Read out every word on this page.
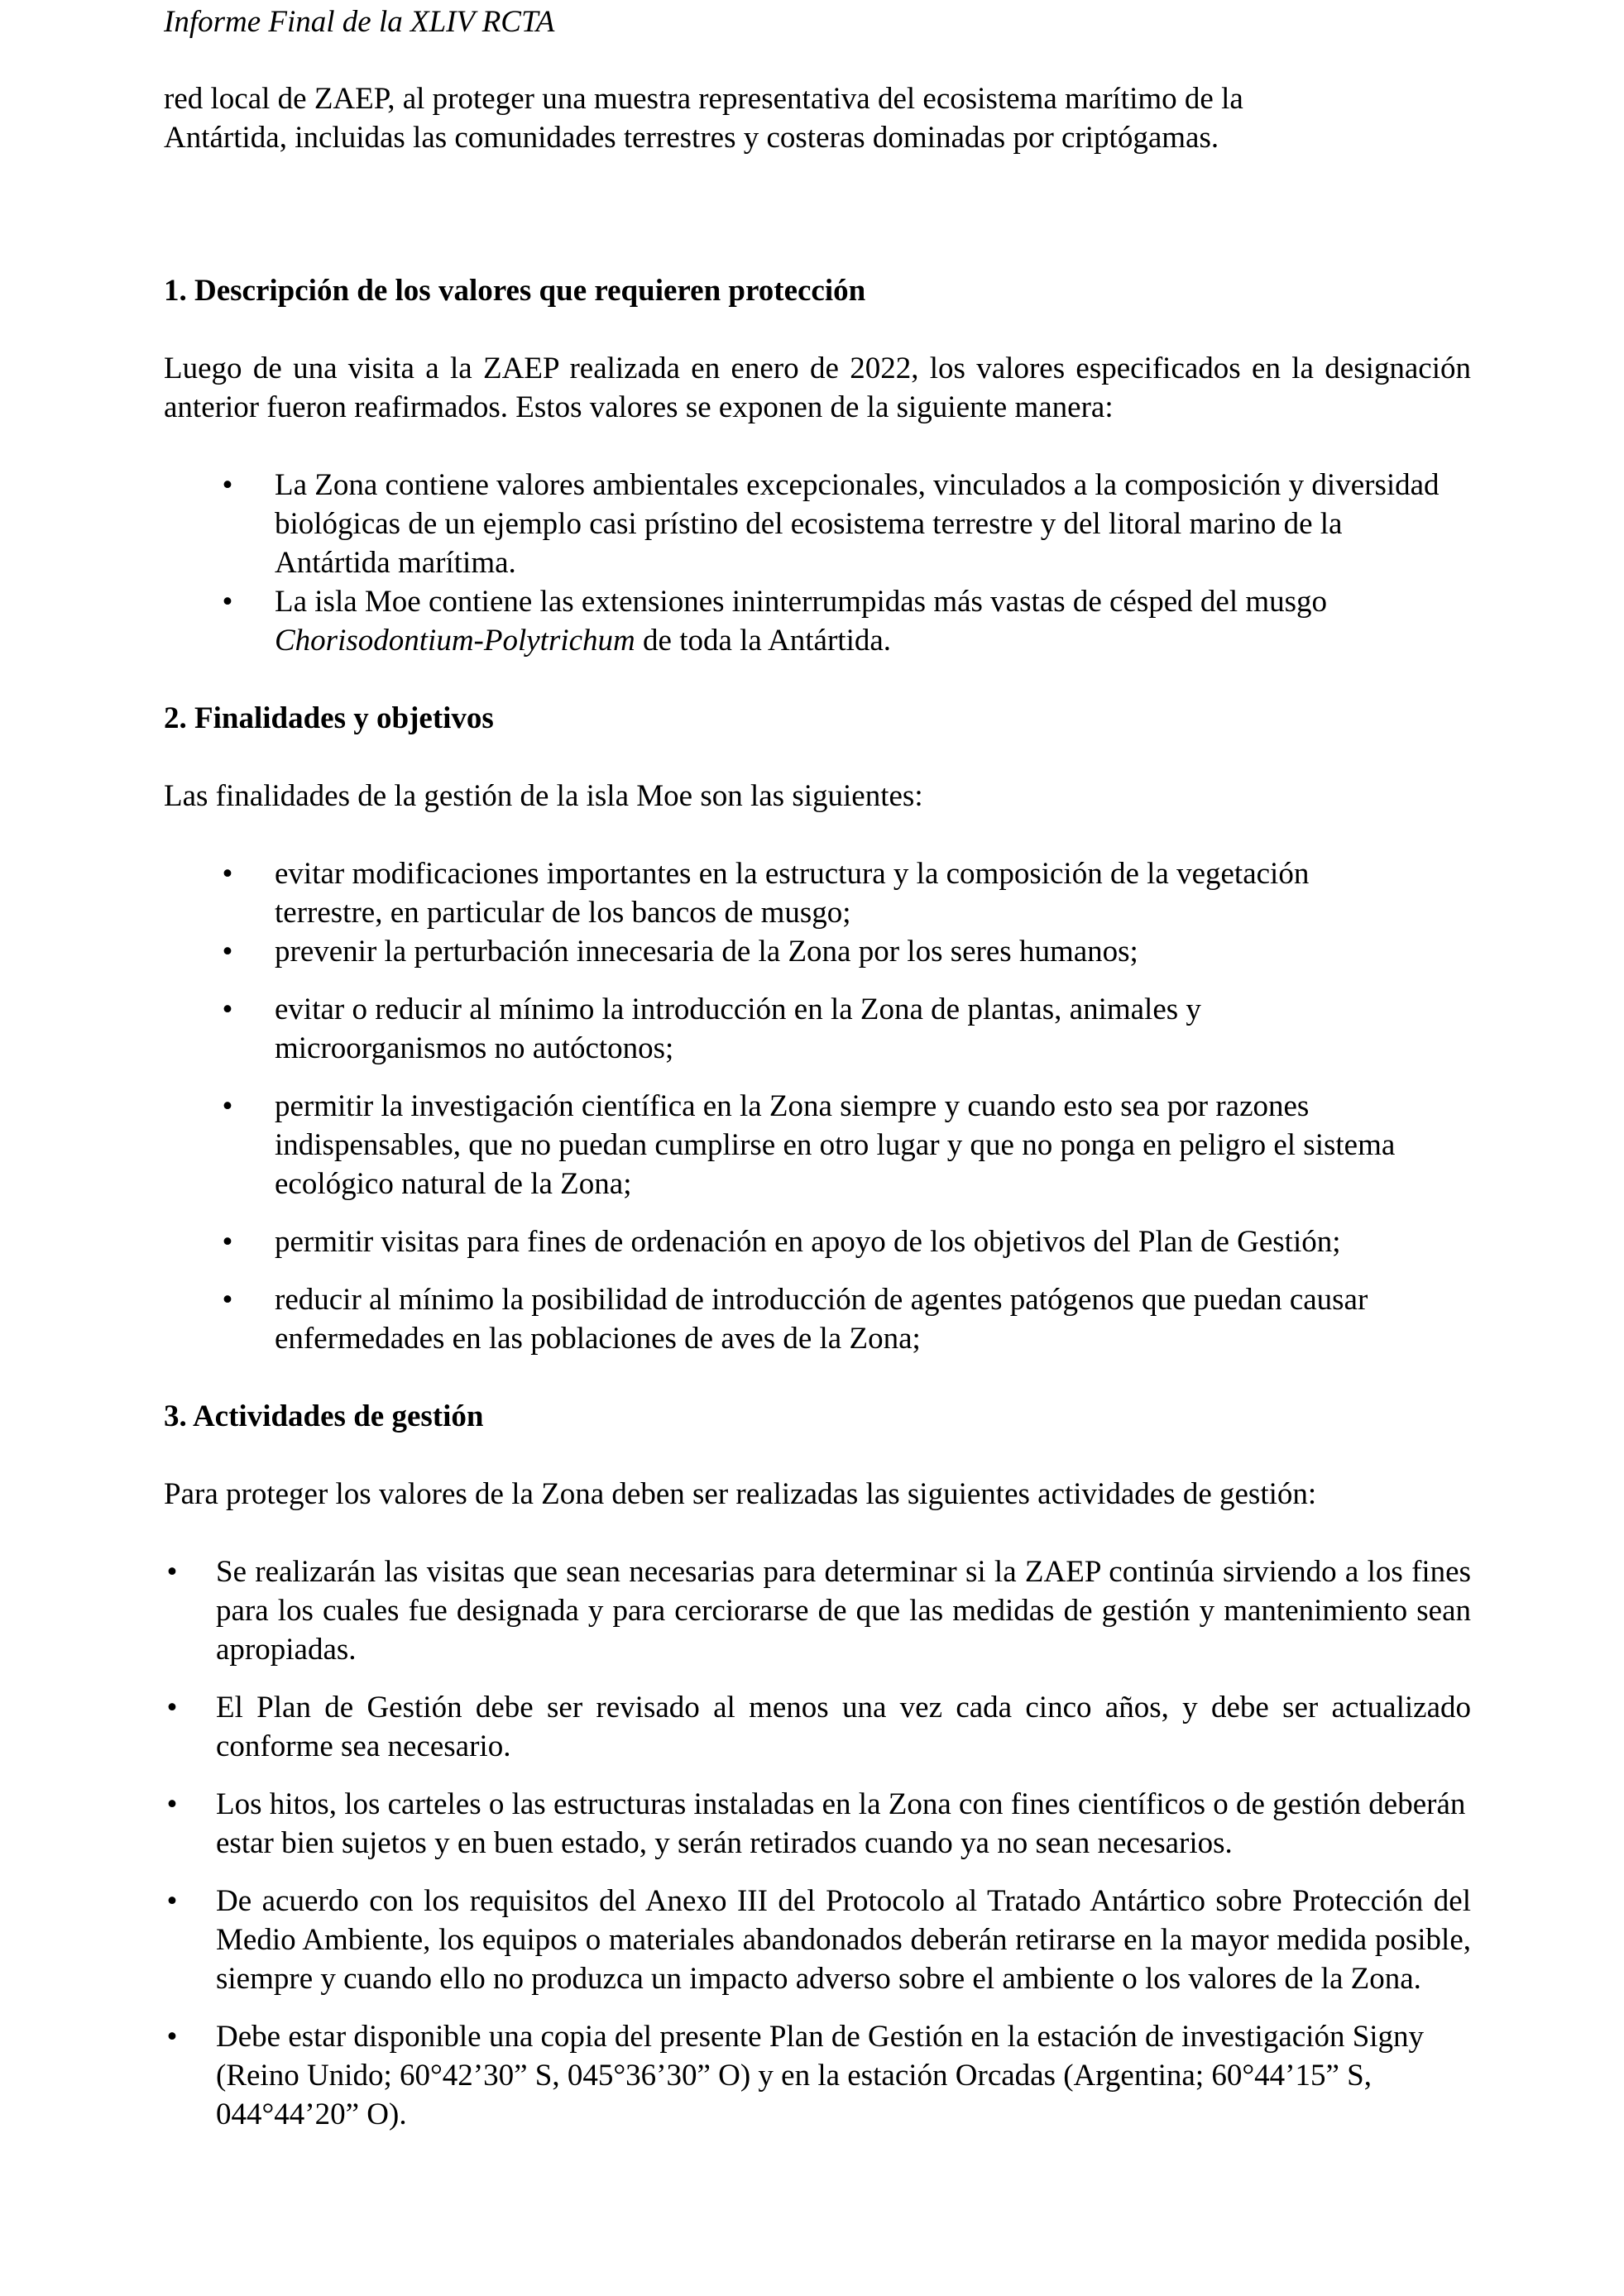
Informe Final de la XLIV RCTA

red local de ZAEP, al proteger una muestra representativa del ecosistema marítimo de la

Antártida, incluidas las comunidades terrestres y costeras dominadas por criptógamas.

1. Descripción de los valores que requieren protección

Luego de una visita a la ZAEP realizada en enero de 2022, los valores especificados en la designación anterior fueron reafirmados. Estos valores se exponen de la siguiente manera:

• La Zona contiene valores ambientales excepcionales, vinculados a la composición y diversidad biológicas de un ejemplo casi prístino del ecosistema terrestre y del litoral marino de la Antártida marítima.
• La isla Moe contiene las extensiones ininterrumpidas más vastas de césped del musgo Chorisodontium-Polytrichum de toda la Antártida.
2. Finalidades y objetivos

Las finalidades de la gestión de la isla Moe son las siguientes:

• evitar modificaciones importantes en la estructura y la composición de la vegetación terrestre, en particular de los bancos de musgo;
• prevenir la perturbación innecesaria de la Zona por los seres humanos;
• evitar o reducir al mínimo la introducción en la Zona de plantas, animales y microorganismos no autóctonos;
• permitir la investigación científica en la Zona siempre y cuando esto sea por razones indispensables, que no puedan cumplirse en otro lugar y que no ponga en peligro el sistema ecológico natural de la Zona;
• permitir visitas para fines de ordenación en apoyo de los objetivos del Plan de Gestión;
• reducir al mínimo la posibilidad de introducción de agentes patógenos que puedan causar enfermedades en las poblaciones de aves de la Zona;
3. Actividades de gestión

Para proteger los valores de la Zona deben ser realizadas las siguientes actividades de gestión:

• Se realizarán las visitas que sean necesarias para determinar si la ZAEP continúa sirviendo a los fines para los cuales fue designada y para cerciorarse de que las medidas de gestión y mantenimiento sean apropiadas.
• El Plan de Gestión debe ser revisado al menos una vez cada cinco años, y debe ser actualizado conforme sea necesario.
• Los hitos, los carteles o las estructuras instaladas en la Zona con fines científicos o de gestión deberán estar bien sujetos y en buen estado, y serán retirados cuando ya no sean necesarios.
• De acuerdo con los requisitos del Anexo III del Protocolo al Tratado Antártico sobre Protección del Medio Ambiente, los equipos o materiales abandonados deberán retirarse en la mayor medida posible, siempre y cuando ello no produzca un impacto adverso sobre el ambiente o los valores de la Zona.
• Debe estar disponible una copia del presente Plan de Gestión en la estación de investigación Signy (Reino Unido; 60°42’30” S, 045°36’30” O) y en la estación Orcadas (Argentina; 60°44’15” S, 044°44’20” O).
